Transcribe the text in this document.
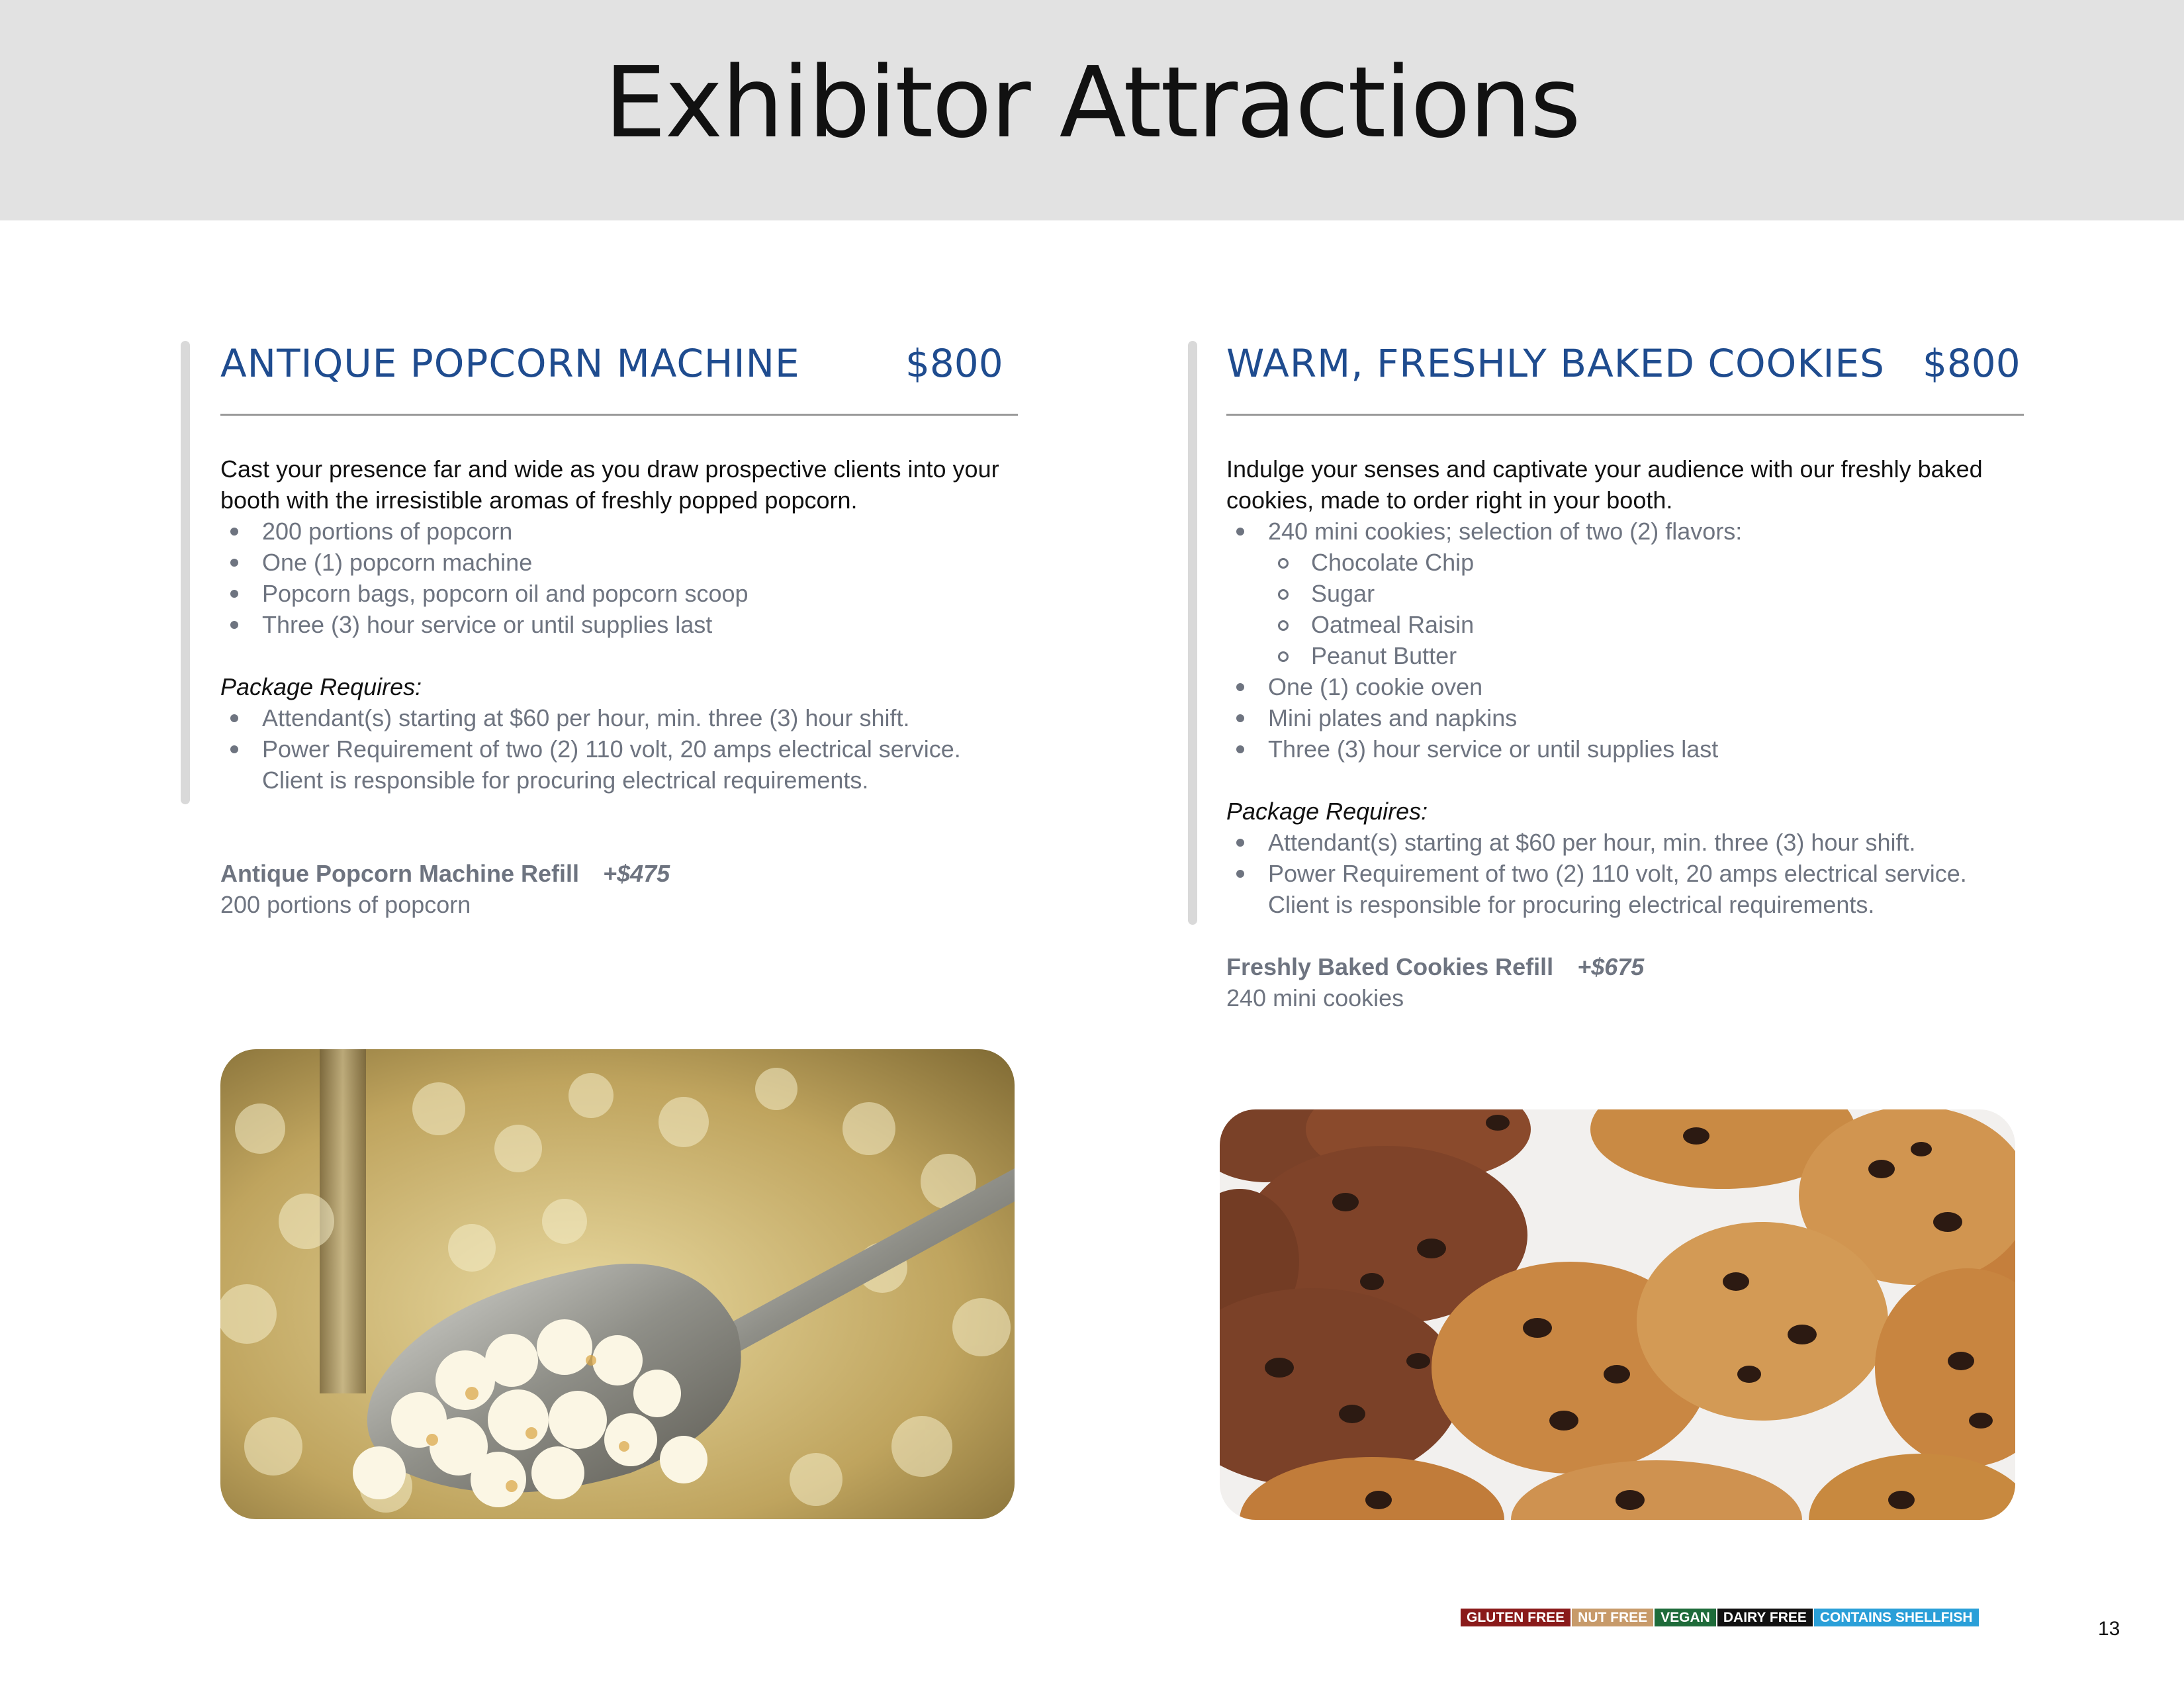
Exhibitor Attractions
ANTIQUE POPCORN MACHINE	$800

Cast your presence far and wide as you draw prospective clients into your booth with the irresistible aromas of freshly popped popcorn.

200 portions of popcorn
One (1) popcorn machine
Popcorn bags, popcorn oil and popcorn scoop
Three (3) hour service or until supplies last

Package Requires:

Attendant(s) starting at $60 per hour, min. three (3) hour shift.
Power Requirement of two (2) 110 volt, 20 amps electrical service. Client is responsible for procuring electrical requirements.

Antique Popcorn Machine Refill +$475

200 portions of popcorn

WARM, FRESHLY BAKED COOKIES $800

Indulge your senses and captivate your audience with our freshly baked cookies, made to order right in your booth.

240 mini cookies; selection of two (2) flavors:
Chocolate Chip
Sugar
Oatmeal Raisin
Peanut Butter
One (1) cookie oven
Mini plates and napkins
Three (3) hour service or until supplies last

Package Requires:

Attendant(s) starting at $60 per hour, min. three (3) hour shift.
Power Requirement of two (2) 110 volt, 20 amps electrical service. Client is responsible for procuring electrical requirements.

Freshly Baked Cookies Refill +$675

240 mini cookies

GLUTEN FREE NUT FREE VEGAN DAIRY FREE CONTAINS SHELLFISH
13
